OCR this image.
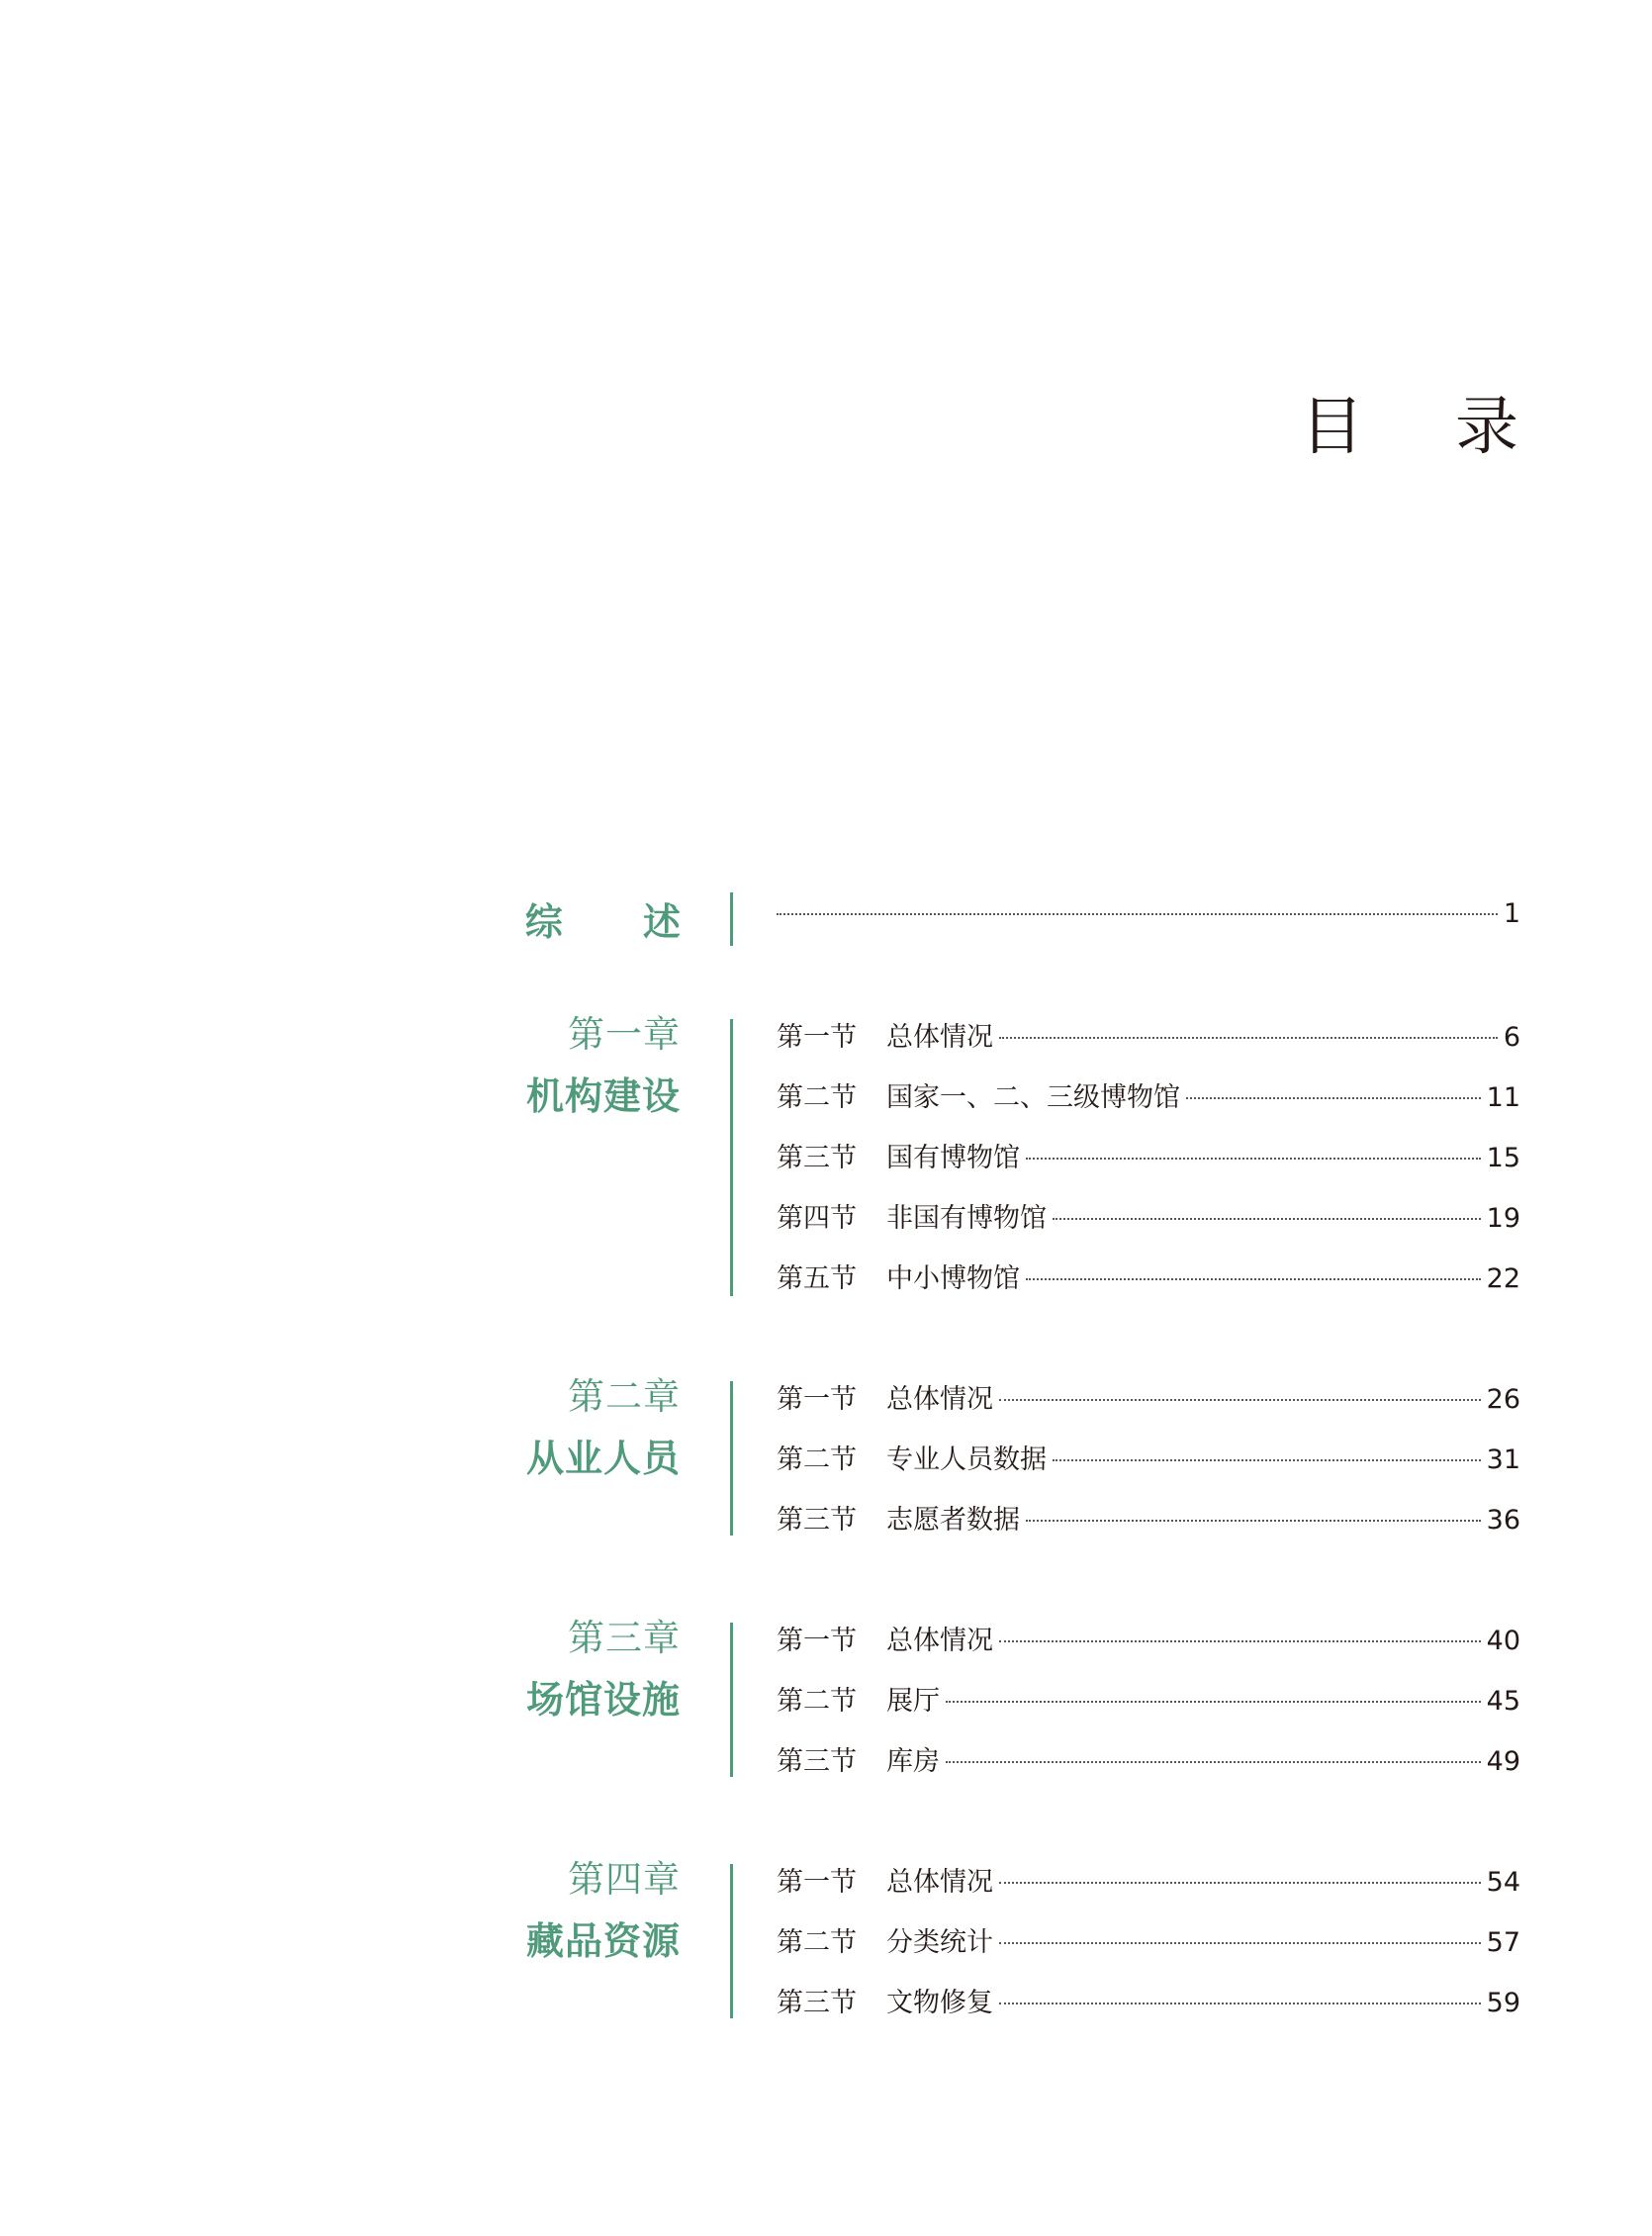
目 录
综 述	1
第一章
机构建设
第一节	总体情况	6
第二节	国家一、二、三级博物馆	11
第三节	国有博物馆	15
第四节	非国有博物馆	19
第五节	中小博物馆	22
第二章
从业人员
第一节	总体情况	26
第二节	专业人员数据	31
第三节	志愿者数据	36
第三章
场馆设施
第一节	总体情况	40
第二节	展厅	45
第三节	库房	49
第四章
藏品资源
第一节	总体情况	54
第二节	分类统计	57
第三节	文物修复	59
